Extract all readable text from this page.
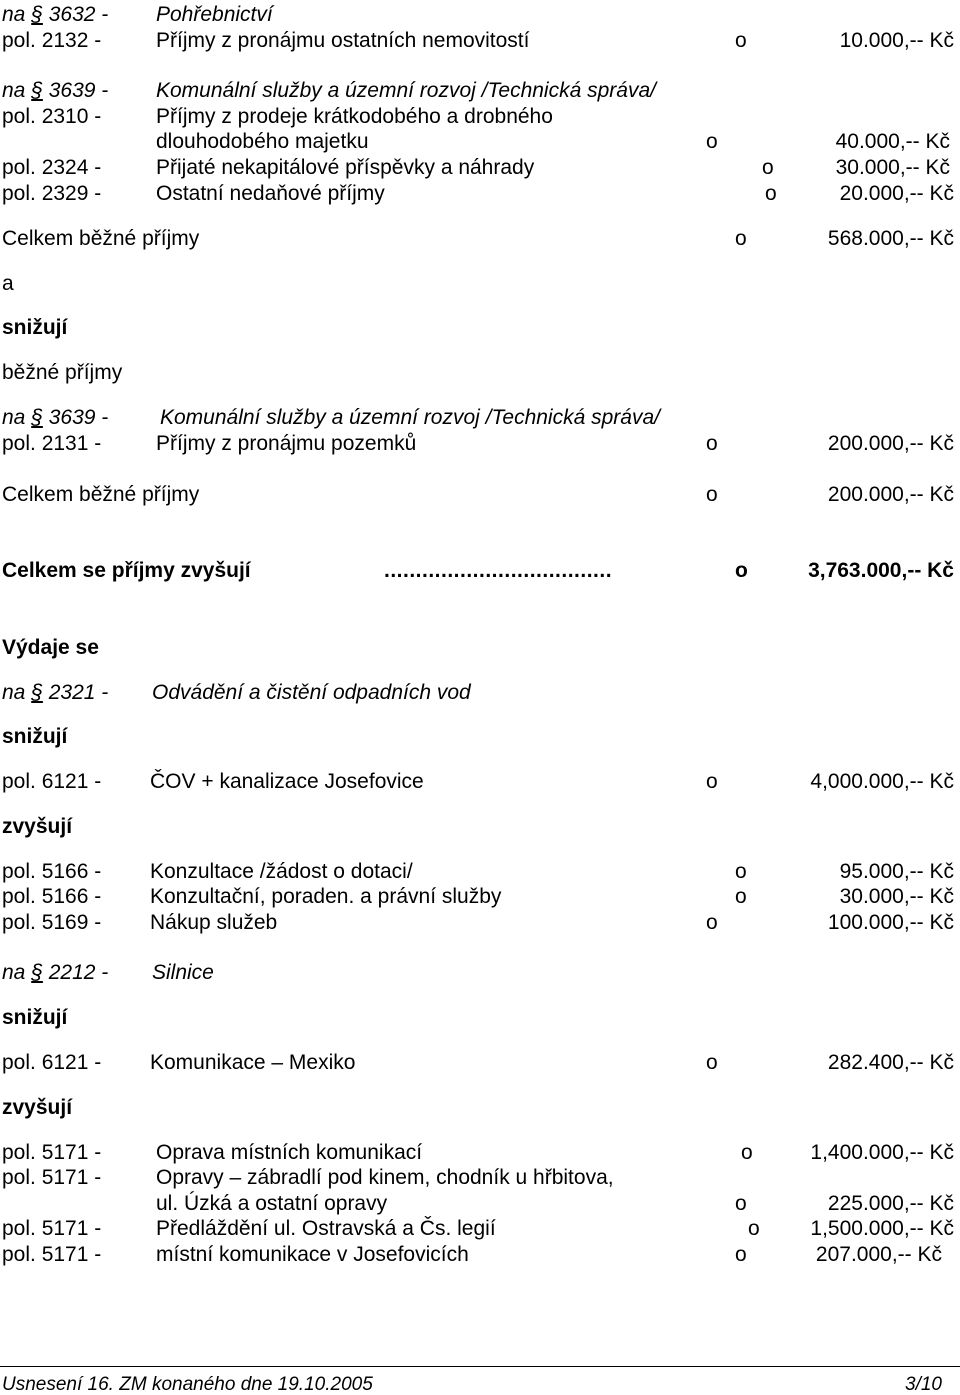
na § 3632 - Pohřebnictví
pol. 2132 -	Příjmy z pronájmu ostatních nemovitostí	o	10.000,-- Kč
na § 3639 - Komunální služby a územní rozvoj /Technická správa/
pol. 2310 -	Příjmy z prodeje krátkodobého a drobného
dlouhodobého majetku	o	40.000,-- Kč
pol. 2324 -	Přijaté nekapitálové příspěvky a náhrady	o	30.000,-- Kč
pol. 2329 -	Ostatní nedaňové příjmy	o	20.000,-- Kč
Celkem běžné příjmy	o	568.000,-- Kč
a
snižují
běžné příjmy
na § 3639 - Komunální služby a územní rozvoj /Technická správa/
pol. 2131 -	Příjmy z pronájmu pozemků	o	200.000,-- Kč
Celkem běžné příjmy	o	200.000,-- Kč
Celkem se příjmy zvyšují	....................................	o	3,763.000,-- Kč
Výdaje se
na § 2321 - Odvádění a čistění odpadních vod
snižují
pol. 6121 - ČOV + kanalizace Josefovice	o	4,000.000,-- Kč
zvyšují
pol. 5166 - Konzultace /žádost o dotaci/	o	95.000,-- Kč
pol. 5166 - Konzultační, poraden. a právní služby	o	30.000,-- Kč
pol. 5169 - Nákup služeb	o	100.000,-- Kč
na § 2212 - Silnice
snižují
pol. 6121 - Komunikace – Mexiko	o	282.400,-- Kč
zvyšují
pol. 5171 -	Oprava místních komunikací	o	1,400.000,-- Kč
pol. 5171 -	Opravy – zábradlí pod kinem, chodník u hřbitova,
ul. Úzká a ostatní opravy	o	225.000,-- Kč
pol. 5171 -	Předláždění ul. Ostravská a Čs. legií	o 1,500.000,-- Kč
pol. 5171 -	místní komunikace v Josefovicích	o	207.000,-- Kč
Usnesení 16. ZM konaného dne 19.10.2005	3/10
